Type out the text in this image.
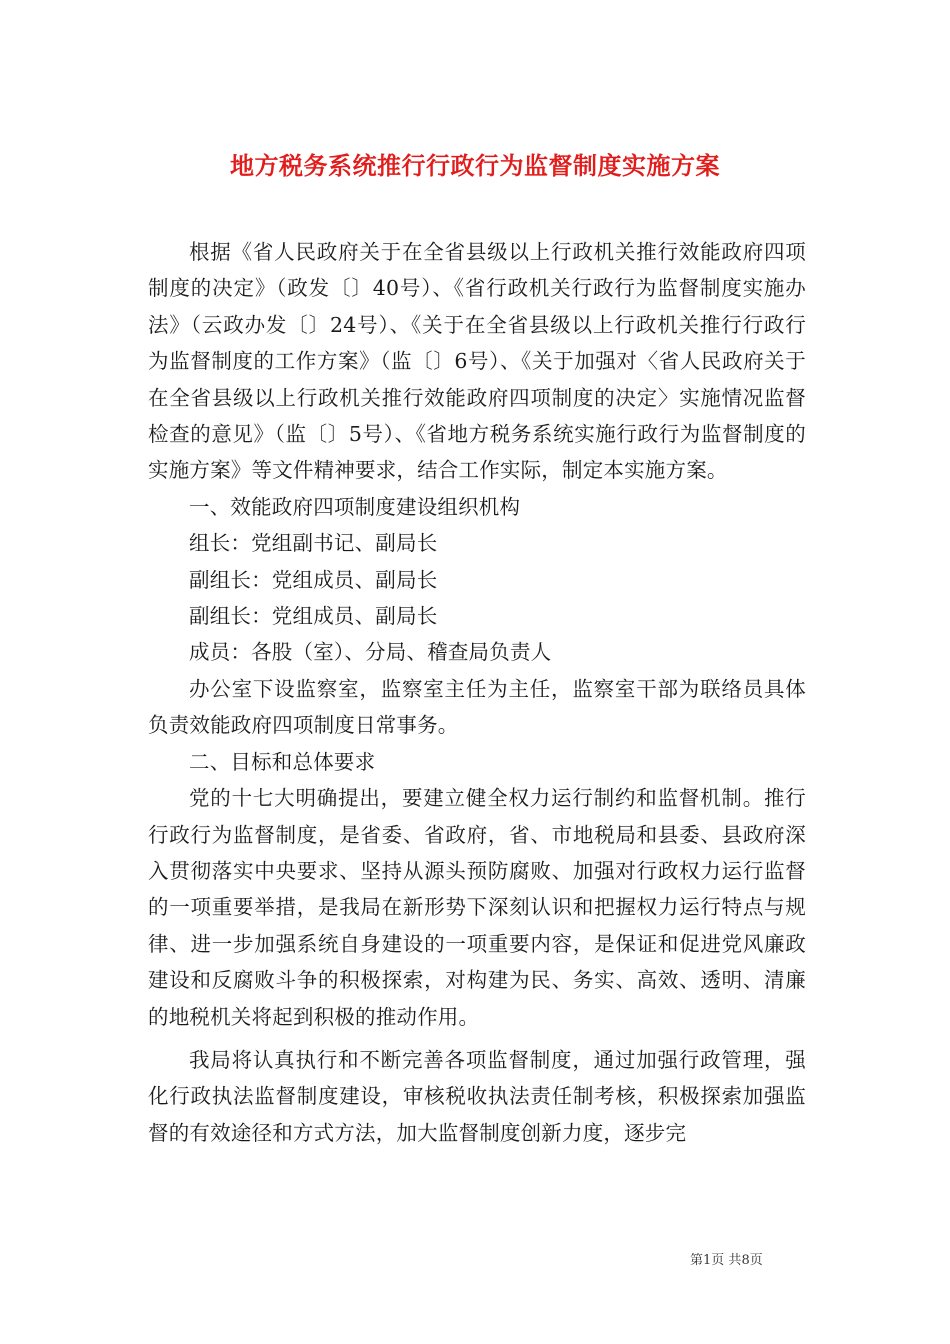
地方税务系统推行行政行为监督制度实施方案

根据《省人民政府关于在全省县级以上行政机关推行效能政府四项制度的决定》（政发〔〕40号）、《省行政机关行政行为监督制度实施办法》（云政办发〔〕24号）、《关于在全省县级以上行政机关推行行政行为监督制度的工作方案》（监〔〕6号）、《关于加强对〈省人民政府关于在全省县级以上行政机关推行效能政府四项制度的决定〉实施情况监督检查的意见》（监〔〕5号）、《省地方税务系统实施行政行为监督制度的实施方案》等文件精神要求，结合工作实际，制定本实施方案。

一、效能政府四项制度建设组织机构

组长：党组副书记、副局长

副组长：党组成员、副局长

副组长：党组成员、副局长

成员：各股（室）、分局、稽查局负责人

办公室下设监察室，监察室主任为主任，监察室干部为联络员具体负责效能政府四项制度日常事务。

二、目标和总体要求

党的十七大明确提出，要建立健全权力运行制约和监督机制。推行行政行为监督制度，是省委、省政府，省、市地税局和县委、县政府深入贯彻落实中央要求、坚持从源头预防腐败、加强对行政权力运行监督的一项重要举措，是我局在新形势下深刻认识和把握权力运行特点与规律、进一步加强系统自身建设的一项重要内容，是保证和促进党风廉政建设和反腐败斗争的积极探索，对构建为民、务实、高效、透明、清廉的地税机关将起到积极的推动作用。

我局将认真执行和不断完善各项监督制度，通过加强行政管理，强化行政执法监督制度建设，审核税收执法责任制考核，积极探索加强监督的有效途径和方式方法，加大监督制度创新力度，逐步完

第1页 共8页
